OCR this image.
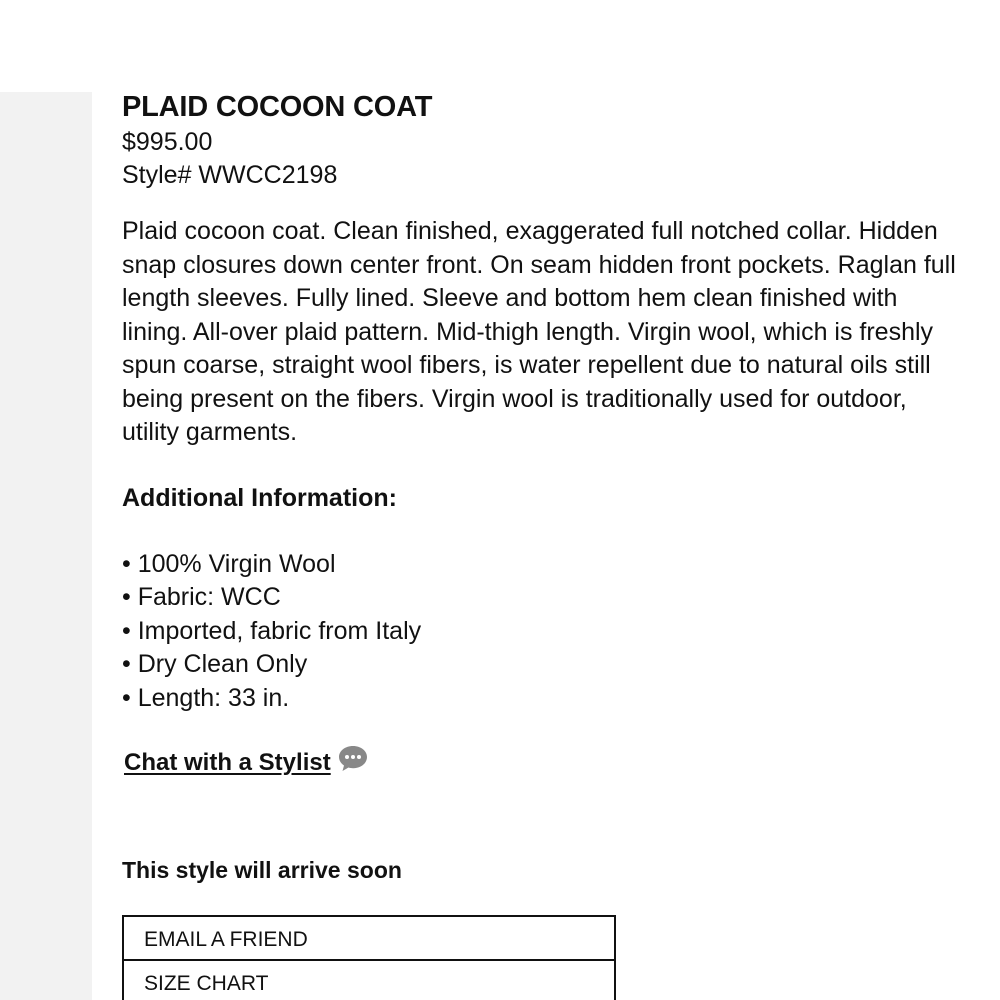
PLAID COCOON COAT

$995.00

Style# WWCC2198

Plaid cocoon coat. Clean finished, exaggerated full notched collar. Hidden snap closures down center front. On seam hidden front pockets. Raglan full length sleeves. Fully lined. Sleeve and bottom hem clean finished with lining. All-over plaid pattern. Mid-thigh length. Virgin wool, which is freshly spun coarse, straight wool fibers, is water repellent due to natural oils still being present on the fibers. Virgin wool is traditionally used for outdoor, utility garments.

Additional Information:

• 100% Virgin Wool
• Fabric: WCC
• Imported, fabric from Italy
• Dry Clean Only
• Length: 33 in.
Chat with a Stylist

This style will arrive soon

EMAIL A FRIEND
SIZE CHART
